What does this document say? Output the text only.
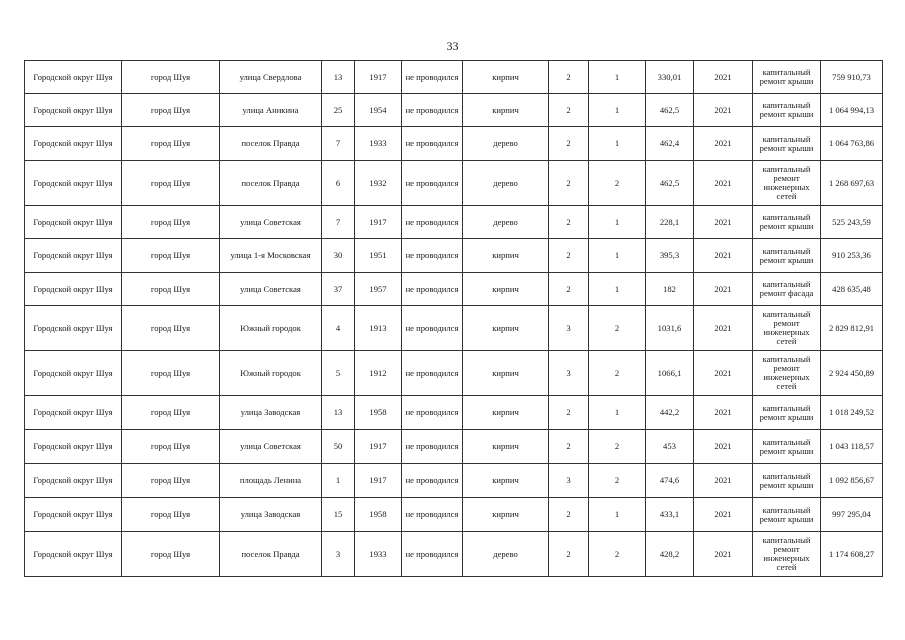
33
Городской округ Шуя	город Шуя	улица Свердлова	13	1917	не проводился	кирпич	2	1	330,01	2021	капитальный ремонт крыши	759 910,73
Городской округ Шуя	город Шуя	улица Аникина	25	1954	не проводился	кирпич	2	1	462,5	2021	капитальный ремонт крыши	1 064 994,13
Городской округ Шуя	город Шуя	поселок Правда	7	1933	не проводился	дерево	2	1	462,4	2021	капитальный ремонт крыши	1 064 763,86
Городской округ Шуя	город Шуя	поселок Правда	6	1932	не проводился	дерево	2	2	462,5	2021	капитальный ремонт инженерных сетей	1 268 697,63
Городской округ Шуя	город Шуя	улица Советская	7	1917	не проводился	дерево	2	1	228,1	2021	капитальный ремонт крыши	525 243,59
Городской округ Шуя	город Шуя	улица 1-я Московская	30	1951	не проводился	кирпич	2	1	395,3	2021	капитальный ремонт крыши	910 253,36
Городской округ Шуя	город Шуя	улица Советская	37	1957	не проводился	кирпич	2	1	182	2021	капитальный ремонт фасада	428 635,48
Городской округ Шуя	город Шуя	Южный городок	4	1913	не проводился	кирпич	3	2	1031,6	2021	капитальный ремонт инженерных сетей	2 829 812,91
Городской округ Шуя	город Шуя	Южный городок	5	1912	не проводился	кирпич	3	2	1066,1	2021	капитальный ремонт инженерных сетей	2 924 450,89
Городской округ Шуя	город Шуя	улица Заводская	13	1958	не проводился	кирпич	2	1	442,2	2021	капитальный ремонт крыши	1 018 249,52
Городской округ Шуя	город Шуя	улица Советская	50	1917	не проводился	кирпич	2	2	453	2021	капитальный ремонт крыши	1 043 118,57
Городской округ Шуя	город Шуя	площадь Ленина	1	1917	не проводился	кирпич	3	2	474,6	2021	капитальный ремонт крыши	1 092 856,67
Городской округ Шуя	город Шуя	улица Заводская	15	1958	не проводился	кирпич	2	1	433,1	2021	капитальный ремонт крыши	997 295,04
Городской округ Шуя	город Шуя	поселок Правда	3	1933	не проводился	дерево	2	2	428,2	2021	капитальный ремонт инженерных сетей	1 174 608,27
